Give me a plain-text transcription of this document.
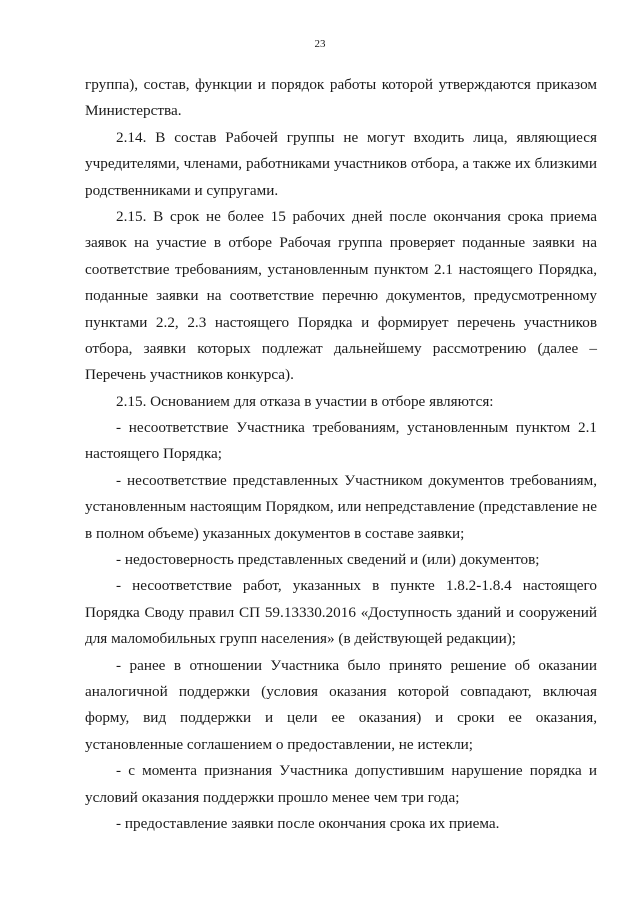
23
группа), состав, функции и порядок работы которой утверждаются приказом
Министерства.
2.14. В состав Рабочей группы не могут входить лица, являющиеся
учредителями, членами, работниками участников отбора, а также их близкими
родственниками и супругами.
2.15. В срок не более 15 рабочих дней после окончания срока приема
заявок на участие в отборе Рабочая группа проверяет поданные заявки на
соответствие требованиям, установленным пунктом 2.1 настоящего Порядка,
поданные заявки на соответствие перечню документов, предусмотренному
пунктами 2.2, 2.3 настоящего Порядка и формирует перечень участников
отбора, заявки которых подлежат дальнейшему рассмотрению (далее –
Перечень участников конкурса).
2.15. Основанием для отказа в участии в отборе являются:
- несоответствие Участника требованиям, установленным пунктом 2.1
настоящего Порядка;
- несоответствие представленных Участником документов требованиям,
установленным настоящим Порядком, или непредставление (представление не
в полном объеме) указанных документов в составе заявки;
- недостоверность представленных сведений и (или) документов;
- несоответствие работ, указанных в пункте 1.8.2-1.8.4 настоящего
Порядка Своду правил СП 59.13330.2016 «Доступность зданий и сооружений
для маломобильных групп населения» (в действующей редакции);
- ранее в отношении Участника было принято решение об оказании
аналогичной поддержки (условия оказания которой совпадают, включая
форму, вид поддержки и цели ее оказания) и сроки ее оказания,
установленные соглашением о предоставлении, не истекли;
- с момента признания Участника допустившим нарушение порядка и
условий оказания поддержки прошло менее чем три года;
- предоставление заявки после окончания срока их приема.
